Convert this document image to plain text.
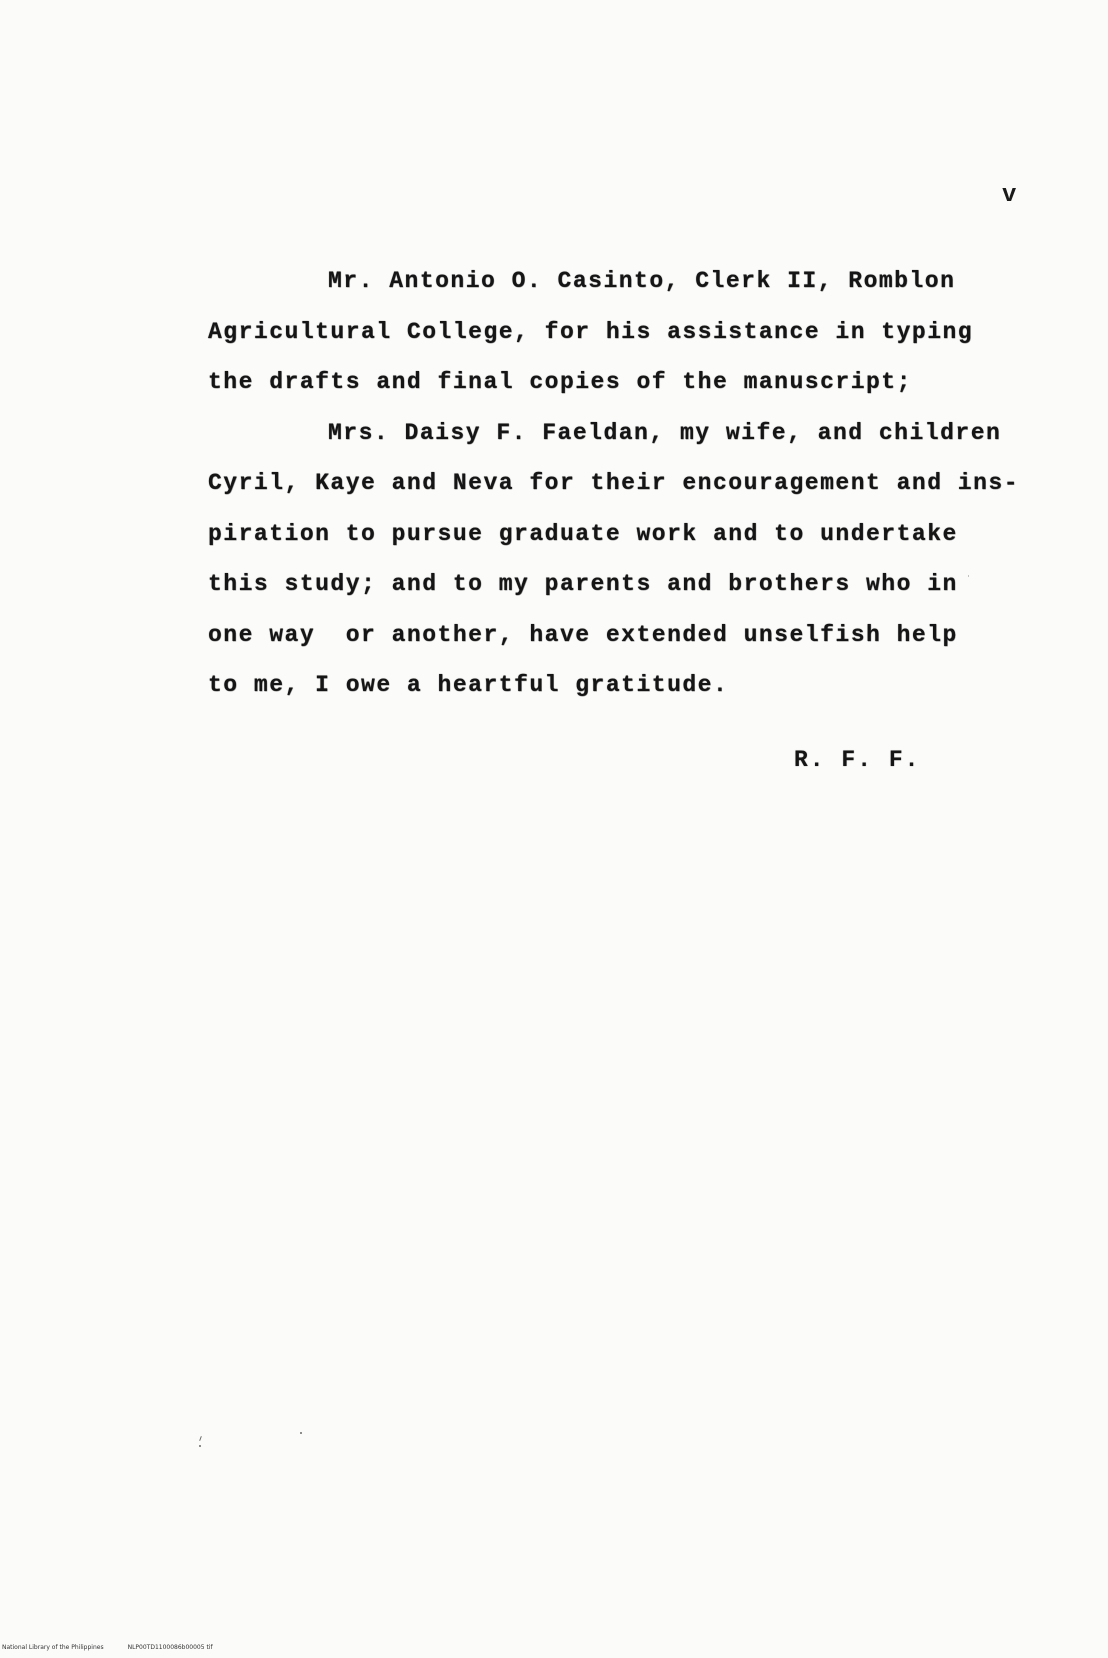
v
Mr. Antonio O. Casinto, Clerk II, Romblon
Agricultural College, for his assistance in typing
the drafts and final copies of the manuscript;
Mrs. Daisy F. Faeldan, my wife, and children
Cyril, Kaye and Neva for their encouragement and ins-
piration to pursue graduate work and to undertake
this study; and to my parents and brothers who in
one way  or another, have extended unselfish help
to me, I owe a heartful gratitude.
R. F. F.
National Library of the Philippines	NLP00TD1100086b00005 tif
